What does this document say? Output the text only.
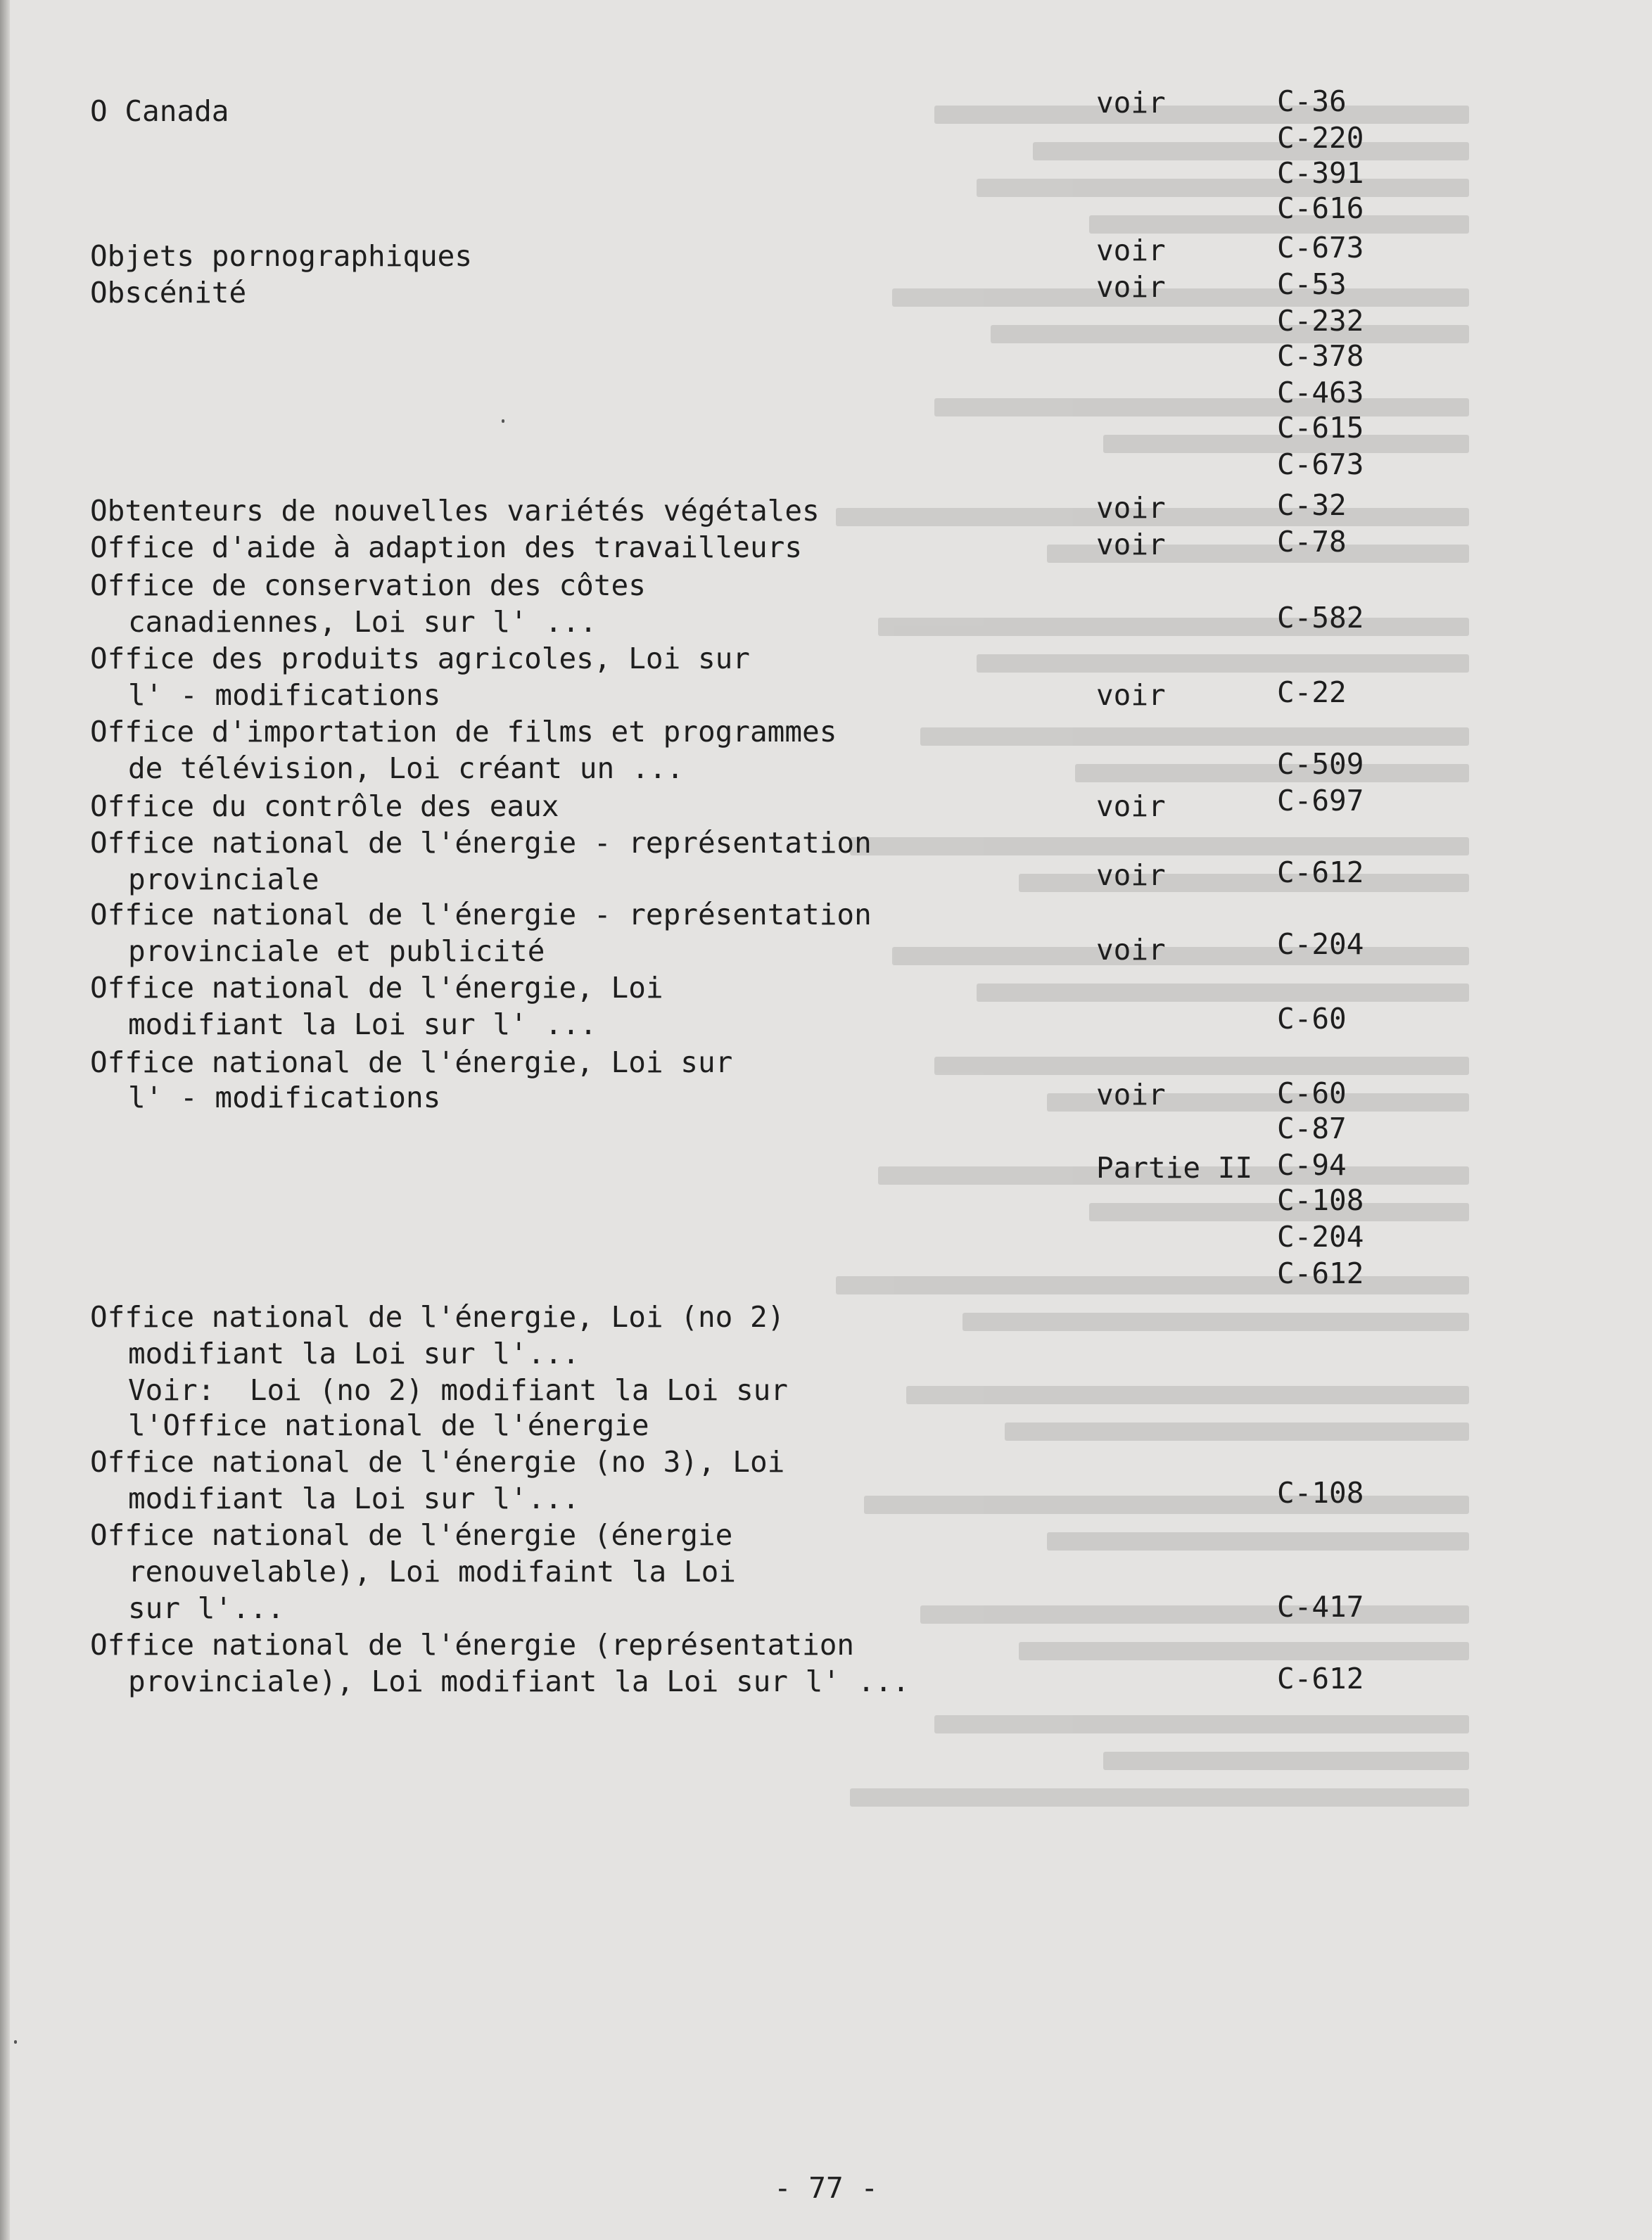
O Canada

Objets pornographiques

Obscénité

Obtenteurs de nouvelles variétés végétales

Office d'aide à adaption des travailleurs

Office de conservation des côtes

canadiennes, Loi sur l' ...

Office des produits agricoles, Loi sur

l' - modifications

Office d'importation de films et programmes

de télévision, Loi créant un ...

Office du contrôle des eaux

Office national de l'énergie - représentation

provinciale

Office national de l'énergie - représentation

provinciale et publicité

Office national de l'énergie, Loi

modifiant la Loi sur l' ...

Office national de l'énergie, Loi sur

l' - modifications

Office national de l'énergie, Loi (no 2)

modifiant la Loi sur l'...

Voir:  Loi (no 2) modifiant la Loi sur

l'Office national de l'énergie

Office national de l'énergie (no 3), Loi

modifiant la Loi sur l'...

Office national de l'énergie (énergie

renouvelable), Loi modifaint la Loi

sur l'...

Office national de l'énergie (représentation

provinciale), Loi modifiant la Loi sur l' ...

voir

voir

voir

voir

voir

voir

voir

voir

voir

voir

Partie II

C-36

C-220

C-391

C-616

C-673

C-53

C-232

C-378

C-463

C-615

C-673

C-32

C-78

C-582

C-22

C-509

C-697

C-612

C-204

C-60

C-60

C-87

C-94

C-108

C-204

C-612

C-108

C-417

C-612

- 77 -
